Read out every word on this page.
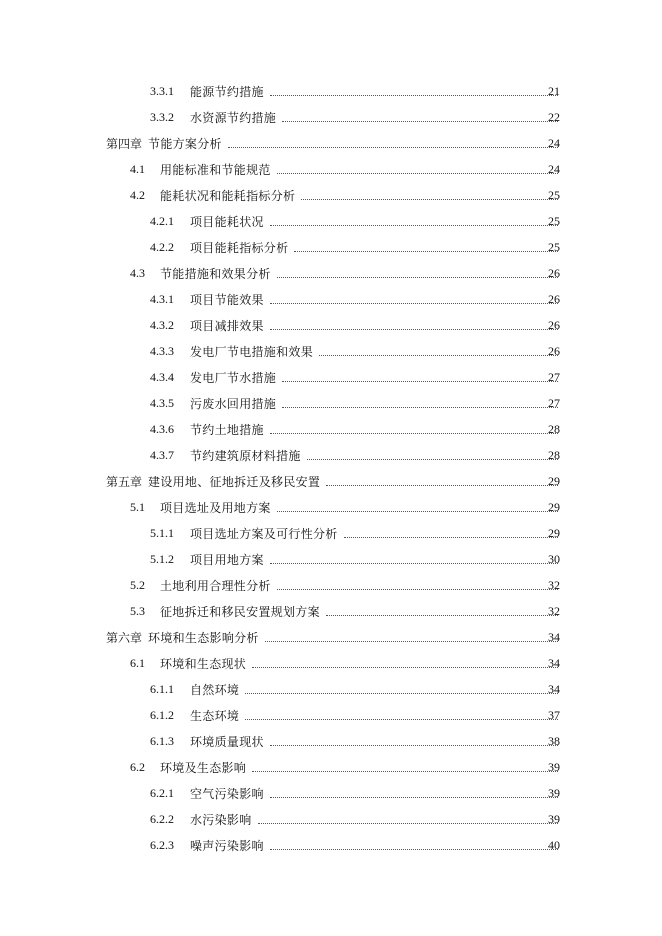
3.3.1	能源节约措施	21
3.3.2	水资源节约措施	22
第四章 节能方案分析	24
4.1	用能标准和节能规范	24
4.2	能耗状况和能耗指标分析	25
4.2.1	项目能耗状况	25
4.2.2	项目能耗指标分析	25
4.3	节能措施和效果分析	26
4.3.1	项目节能效果	26
4.3.2	项目减排效果	26
4.3.3	发电厂节电措施和效果	26
4.3.4	发电厂节水措施	27
4.3.5	污废水回用措施	27
4.3.6	节约土地措施	28
4.3.7	节约建筑原材料措施	28
第五章 建设用地、征地拆迁及移民安置	29
5.1	项目选址及用地方案	29
5.1.1	项目选址方案及可行性分析	29
5.1.2	项目用地方案	30
5.2	土地利用合理性分析	32
5.3	征地拆迁和移民安置规划方案	32
第六章 环境和生态影响分析	34
6.1	环境和生态现状	34
6.1.1	自然环境	34
6.1.2	生态环境	37
6.1.3	环境质量现状	38
6.2	环境及生态影响	39
6.2.1	空气污染影响	39
6.2.2	水污染影响	39
6.2.3	噪声污染影响	40
